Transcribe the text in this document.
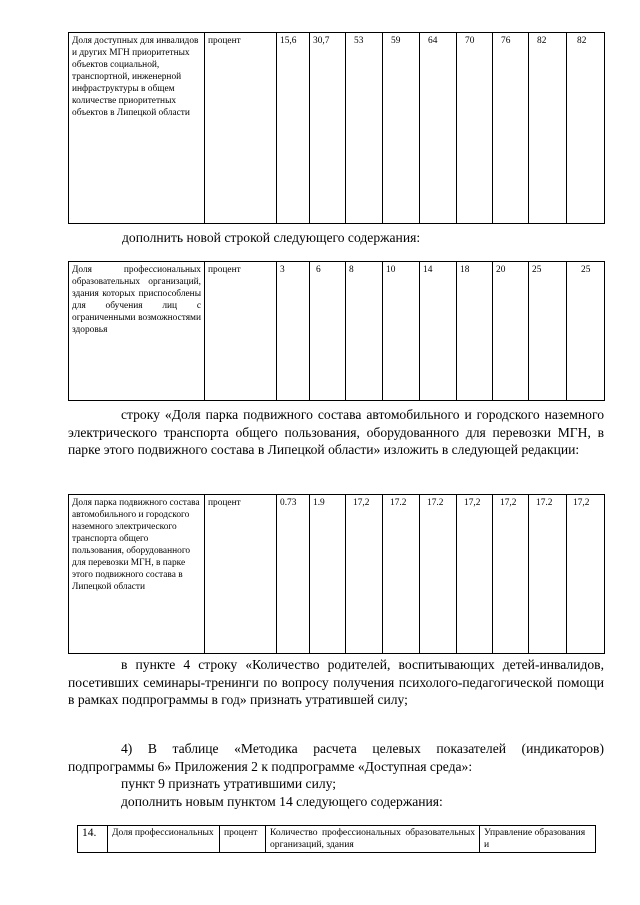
Доля доступных для инвалидов и других МГН приоритетных объектов социальной, транспортной, инженерной инфраструктуры в общем количестве приоритетных объектов в Липецкой области	процент	15,6	30,7	53	59	64	70	76	82	82
дополнить новой строкой следующего содержания:
Доля профессиональных образовательных организаций, здания которых приспособлены для обучения лиц с ограниченными возможностями здоровья	процент	3	6	8	10	14	18	20	25	25
строку «Доля парка подвижного состава автомобильного и городского наземного электрического транспорта общего пользования, оборудованного для перевозки МГН, в парке этого подвижного состава в Липецкой области» изложить в следующей редакции:
Доля парка подвижного состава автомобильного и городского наземного электрического транспорта общего пользования, оборудованного для перевозки МГН, в парке этого подвижного состава в Липецкой области	процент	0.73	1.9	17,2	17.2	17.2	17,2	17,2	17.2	17,2
в пункте 4 строку «Количество родителей, воспитывающих детей-инвалидов, посетивших семинары-тренинги по вопросу получения психолого-педагогической помощи в рамках подпрограммы в год» признать утратившей силу;
4) В таблице «Методика расчета целевых показателей (индикаторов) подпрограммы 6» Приложения 2 к подпрограмме «Доступная среда»:
пункт 9 признать утратившими силу;
дополнить новым пунктом 14 следующего содержания:
14.	Доля профессиональных	процент	Количество профессиональных образовательных организаций, здания	Управление образования и
